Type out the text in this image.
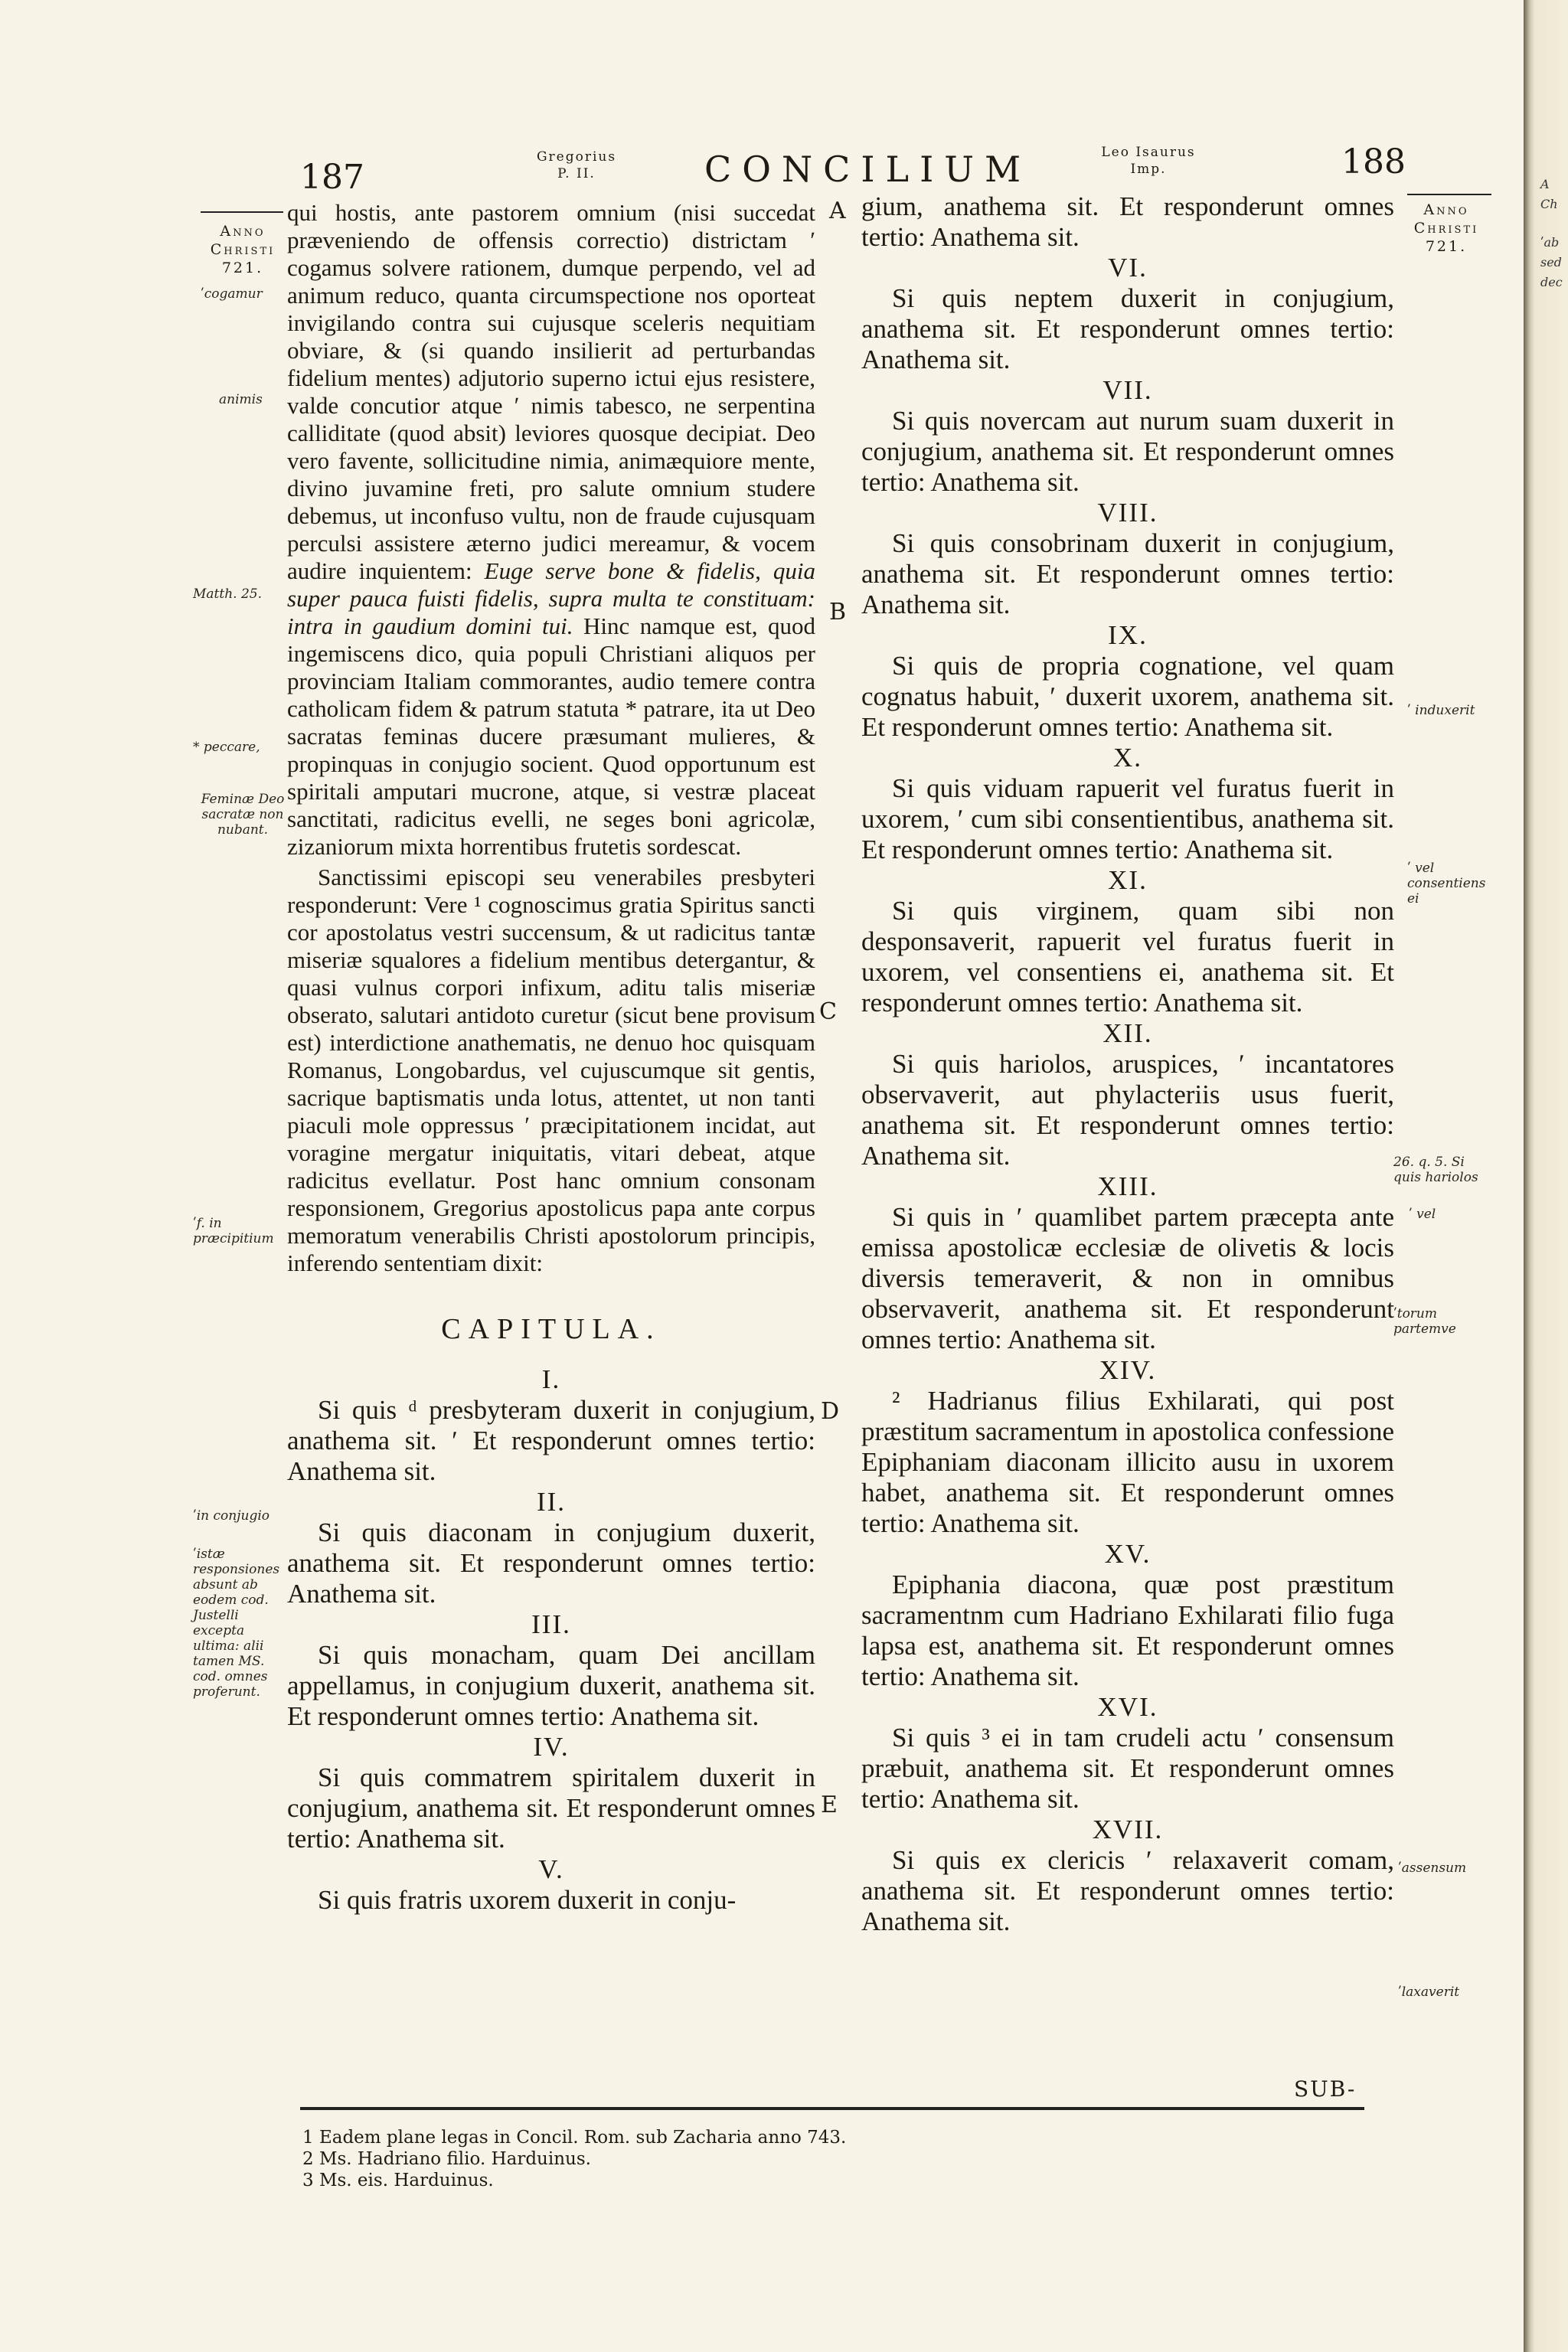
A
Ch
ʹab
sed
dec
187
Gregorius
P. II.	CONCILIUM	Leo Isaurus
Imp.	188
Anno
Christi
721.
Anno
Christi
721.
A
B
C
D
E
ʹcogamur
animis
Matth. 25.
* peccare,
Feminæ Deo sacratæ non nubant.
ʹf. in præcipitium
ʹin conjugio
ʹistæ responsiones absunt ab eodem cod. Justelli excepta ultima: alii tamen MS. cod. omnes proferunt.
ʹ induxerit
ʹ vel consentiens ei
26. q. 5. Si quis hariolos
ʹ vel
ʹtorum partemve
ʹassensum
ʹlaxaverit

qui hostis, ante pastorem omnium (nisi succedat præveniendo de offensis correctio) districtam ʹ cogamus solvere rationem, dumque perpendo, vel ad animum reduco, quanta circumspectione nos oporteat invigilando contra sui cujusque sceleris nequitiam obviare, & (si quando insilierit ad perturbandas fidelium mentes) adjutorio superno ictui ejus resistere, valde concutior atque ʹ nimis tabesco, ne serpentina calliditate (quod absit) leviores quosque decipiat. Deo vero favente, sollicitudine nimia, animæquiore mente, divino juvamine freti, pro salute omnium studere debemus, ut inconfuso vultu, non de fraude cujusquam perculsi assistere æterno judici mereamur, & vocem audire inquientem: Euge serve bone & fidelis, quia super pauca fuisti fidelis, supra multa te constituam: intra in gaudium domini tui. Hinc namque est, quod ingemiscens dico, quia populi Christiani aliquos per provinciam Italiam commorantes, audio temere contra catholicam fidem & patrum statuta * patrare, ita ut Deo sacratas feminas ducere præsumant mulieres, & propinquas in conjugio socient. Quod opportunum est spiritali amputari mucrone, atque, si vestræ placeat sanctitati, radicitus evelli, ne seges boni agricolæ, zizaniorum mixta horrentibus frutetis sordescat.

Sanctissimi episcopi seu venerabiles presbyteri responderunt: Vere ¹ cognoscimus gratia Spiritus sancti cor apostolatus vestri succensum, & ut radicitus tantæ miseriæ squalores a fidelium mentibus detergantur, & quasi vulnus corpori infixum, aditu talis miseriæ obserato, salutari antidoto curetur (sicut bene provisum est) interdictione anathematis, ne denuo hoc quisquam Romanus, Longobardus, vel cujuscumque sit gentis, sacrique baptismatis unda lotus, attentet, ut non tanti piaculi mole oppressus ʹ præcipitationem incidat, aut voragine mergatur iniquitatis, vitari debeat, atque radicitus evellatur. Post hanc omnium consonam responsionem, Gregorius apostolicus papa ante corpus memoratum venerabilis Christi apostolorum principis, inferendo sententiam dixit:

CAPITULA.
I.

Si quis ᵈ presbyteram duxerit in conjugium, anathema sit. ʹ Et responderunt omnes tertio: Anathema sit.

II.

Si quis diaconam in conjugium duxerit, anathema sit. Et responderunt omnes tertio: Anathema sit.

III.

Si quis monacham, quam Dei ancillam appellamus, in conjugium duxerit, anathema sit. Et responderunt omnes tertio: Anathema sit.

IV.

Si quis commatrem spiritalem duxerit in conjugium, anathema sit. Et responderunt omnes tertio: Anathema sit.

V.

Si quis fratris uxorem duxerit in conju-

gium, anathema sit. Et responderunt omnes tertio: Anathema sit.

VI.

Si quis neptem duxerit in conjugium, anathema sit. Et responderunt omnes tertio: Anathema sit.

VII.

Si quis novercam aut nurum suam duxerit in conjugium, anathema sit. Et responderunt omnes tertio: Anathema sit.

VIII.

Si quis consobrinam duxerit in conjugium, anathema sit. Et responderunt omnes tertio: Anathema sit.

IX.

Si quis de propria cognatione, vel quam cognatus habuit, ʹ duxerit uxorem, anathema sit. Et responderunt omnes tertio: Anathema sit.

X.

Si quis viduam rapuerit vel furatus fuerit in uxorem, ʹ cum sibi consentientibus, anathema sit. Et responderunt omnes tertio: Anathema sit.

XI.

Si quis virginem, quam sibi non desponsaverit, rapuerit vel furatus fuerit in uxorem, vel consentiens ei, anathema sit. Et responderunt omnes tertio: Anathema sit.

XII.

Si quis hariolos, aruspices, ʹ incantatores observaverit, aut phylacteriis usus fuerit, anathema sit. Et responderunt omnes tertio: Anathema sit.

XIII.

Si quis in ʹ quamlibet partem præcepta ante emissa apostolicæ ecclesiæ de olivetis & locis diversis temeraverit, & non in omnibus observaverit, anathema sit. Et responderunt omnes tertio: Anathema sit.

XIV.

² Hadrianus filius Exhilarati, qui post præstitum sacramentum in apostolica confessione Epiphaniam diaconam illicito ausu in uxorem habet, anathema sit. Et responderunt omnes tertio: Anathema sit.

XV.

Epiphania diacona, quæ post præstitum sacramentnm cum Hadriano Exhilarati filio fuga lapsa est, anathema sit. Et responderunt omnes tertio: Anathema sit.

XVI.

Si quis ³ ei in tam crudeli actu ʹ consensum præbuit, anathema sit. Et responderunt omnes tertio: Anathema sit.

XVII.

Si quis ex clericis ʹ relaxaverit comam, anathema sit. Et responderunt omnes tertio: Anathema sit.

SUB-
1 Eadem plane legas in Concil. Rom. sub Zacharia anno 743.
2 Ms. Hadriano filio. Harduinus.
3 Ms. eis. Harduinus.
